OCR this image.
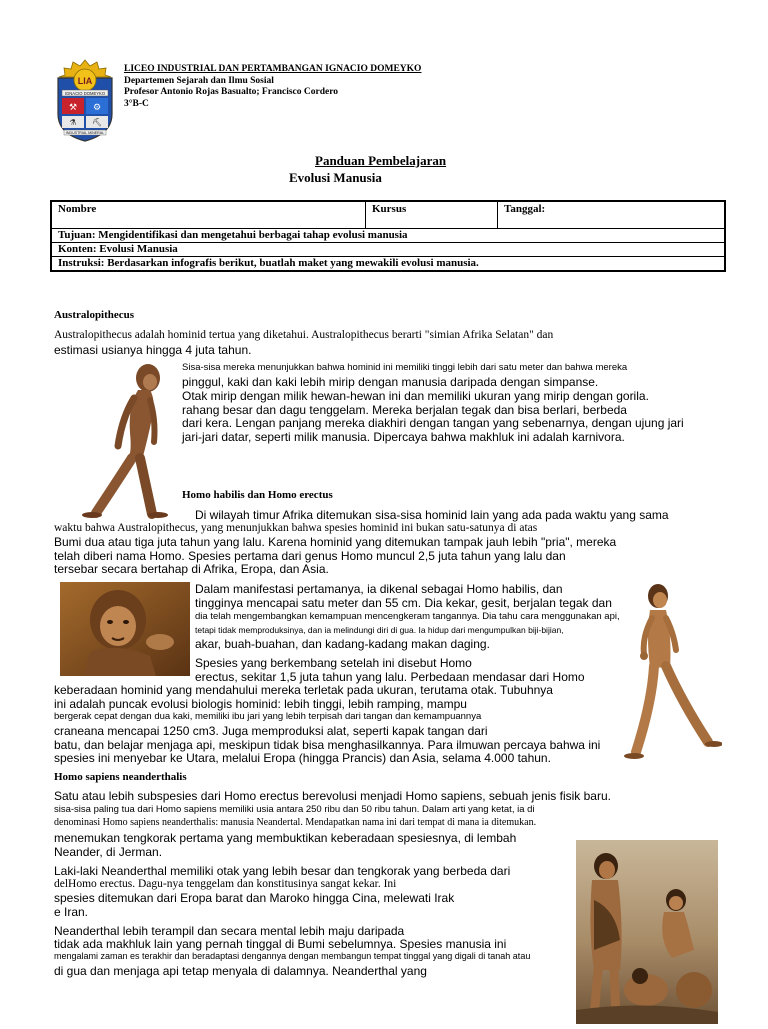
LIA
IGNACIO DOMEYKO
⚒ ⚙
⚗ ⛏
INDUSTRIAL MINERAL
LICEO INDUSTRIAL DAN PERTAMBANGAN IGNACIO DOMEYKO
Departemen Sejarah dan Ilmu Sosial
Profesor Antonio Rojas Basualto; Francisco Cordero
3°B-C
Panduan Pembelajaran
Evolusi Manusia
Nombre	Kursus	Tanggal:
Tujuan: Mengidentifikasi dan mengetahui berbagai tahap evolusi manusia
Konten: Evolusi Manusia
Instruksi: Berdasarkan infografis berikut, buatlah maket yang mewakili evolusi manusia.
Australopithecus
Australopithecus adalah hominid tertua yang diketahui. Australopithecus berarti "simian Afrika Selatan" dan
estimasi usianya hingga 4 juta tahun.
Sisa-sisa mereka menunjukkan bahwa hominid ini memiliki tinggi lebih dari satu meter dan bahwa mereka
pinggul, kaki dan kaki lebih mirip dengan manusia daripada dengan simpanse.
Otak mirip dengan milik hewan-hewan ini dan memiliki ukuran yang mirip dengan gorila.
rahang besar dan dagu tenggelam. Mereka berjalan tegak dan bisa berlari, berbeda
dari kera. Lengan panjang mereka diakhiri dengan tangan yang sebenarnya, dengan ujung jari
jari-jari datar, seperti milik manusia. Dipercaya bahwa makhluk ini adalah karnivora.
Homo habilis dan Homo erectus
Di wilayah timur Afrika ditemukan sisa-sisa hominid lain yang ada pada waktu yang sama
waktu bahwa Australopithecus, yang menunjukkan bahwa spesies hominid ini bukan satu-satunya di atas
Bumi dua atau tiga juta tahun yang lalu. Karena hominid yang ditemukan tampak jauh lebih "pria", mereka
telah diberi nama Homo. Spesies pertama dari genus Homo muncul 2,5 juta tahun yang lalu dan
tersebar secara bertahap di Afrika, Eropa, dan Asia.
Dalam manifestasi pertamanya, ia dikenal sebagai Homo habilis, dan
tingginya mencapai satu meter dan 55 cm. Dia kekar, gesit, berjalan tegak dan
dia telah mengembangkan kemampuan mencengkeram tangannya. Dia tahu cara menggunakan api,
tetapi tidak memproduksinya, dan ia melindungi diri di gua. Ia hidup dari mengumpulkan biji-bijian,
akar, buah-buahan, dan kadang-kadang makan daging.
Spesies yang berkembang setelah ini disebut Homo
erectus, sekitar 1,5 juta tahun yang lalu. Perbedaan mendasar dari Homo
keberadaan hominid yang mendahului mereka terletak pada ukuran, terutama otak. Tubuhnya
ini adalah puncak evolusi biologis hominid: lebih tinggi, lebih ramping, mampu
bergerak cepat dengan dua kaki, memiliki ibu jari yang lebih terpisah dari tangan dan kemampuannya
craneana mencapai 1250 cm3. Juga memproduksi alat, seperti kapak tangan dari
batu, dan belajar menjaga api, meskipun tidak bisa menghasilkannya. Para ilmuwan percaya bahwa ini
spesies ini menyebar ke Utara, melalui Eropa (hingga Prancis) dan Asia, selama 4.000 tahun.
Homo sapiens neanderthalis
Satu atau lebih subspesies dari Homo erectus berevolusi menjadi Homo sapiens, sebuah jenis fisik baru.
sisa-sisa paling tua dari Homo sapiens memiliki usia antara 250 ribu dan 50 ribu tahun. Dalam arti yang ketat, ia di
denominasi Homo sapiens neanderthalis: manusia Neandertal. Mendapatkan nama ini dari tempat di mana ia ditemukan.
menemukan tengkorak pertama yang membuktikan keberadaan spesiesnya, di lembah
Neander, di Jerman.
Laki-laki Neanderthal memiliki otak yang lebih besar dan tengkorak yang berbeda dari
delHomo erectus. Dagu-nya tenggelam dan konstitusinya sangat kekar. Ini
spesies ditemukan dari Eropa barat dan Maroko hingga Cina, melewati Irak
e Iran.
Neanderthal lebih terampil dan secara mental lebih maju daripada
tidak ada makhluk lain yang pernah tinggal di Bumi sebelumnya. Spesies manusia ini
mengalami zaman es terakhir dan beradaptasi dengannya dengan membangun tempat tinggal yang digali di tanah atau
di gua dan menjaga api tetap menyala di dalamnya. Neanderthal yang
